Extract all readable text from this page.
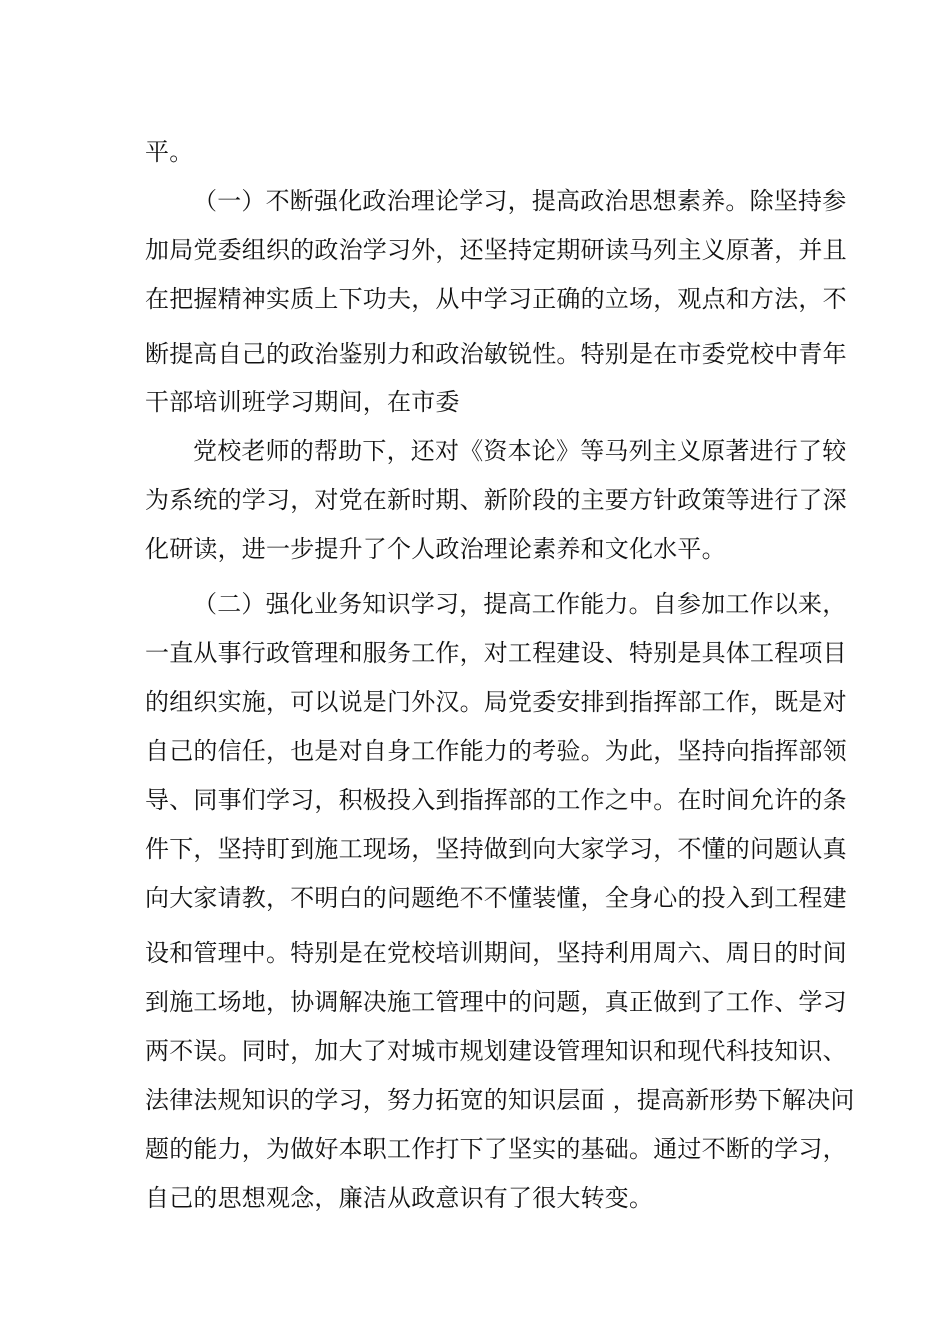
平。
（一）不断强化政治理论学习，提高政治思想素养。除坚持参
加局党委组织的政治学习外，还坚持定期研读马列主义原著，并且
在把握精神实质上下功夫，从中学习正确的立场，观点和方法，不
断提高自己的政治鉴别力和政治敏锐性。特别是在市委党校中青年
干部培训班学习期间，在市委
党校老师的帮助下，还对《资本论》等马列主义原著进行了较
为系统的学习，对党在新时期、新阶段的主要方针政策等进行了深
化研读，进一步提升了个人政治理论素养和文化水平。
（二）强化业务知识学习，提高工作能力。自参加工作以来，
一直从事行政管理和服务工作，对工程建设、特别是具体工程项目
的组织实施，可以说是门外汉。局党委安排到指挥部工作，既是对
自己的信任，也是对自身工作能力的考验。为此，坚持向指挥部领
导、同事们学习，积极投入到指挥部的工作之中。在时间允许的条
件下，坚持盯到施工现场，坚持做到向大家学习，不懂的问题认真
向大家请教，不明白的问题绝不不懂装懂，全身心的投入到工程建
设和管理中。特别是在党校培训期间，坚持利用周六、周日的时间
到施工场地，协调解决施工管理中的问题，真正做到了工作、学习
两不误。同时，加大了对城市规划建设管理知识和现代科技知识、
法律法规知识的学习，努力拓宽的知识层面 ，提高新形势下解决问
题的能力，为做好本职工作打下了坚实的基础。通过不断的学习，
自己的思想观念，廉洁从政意识有了很大转变。
